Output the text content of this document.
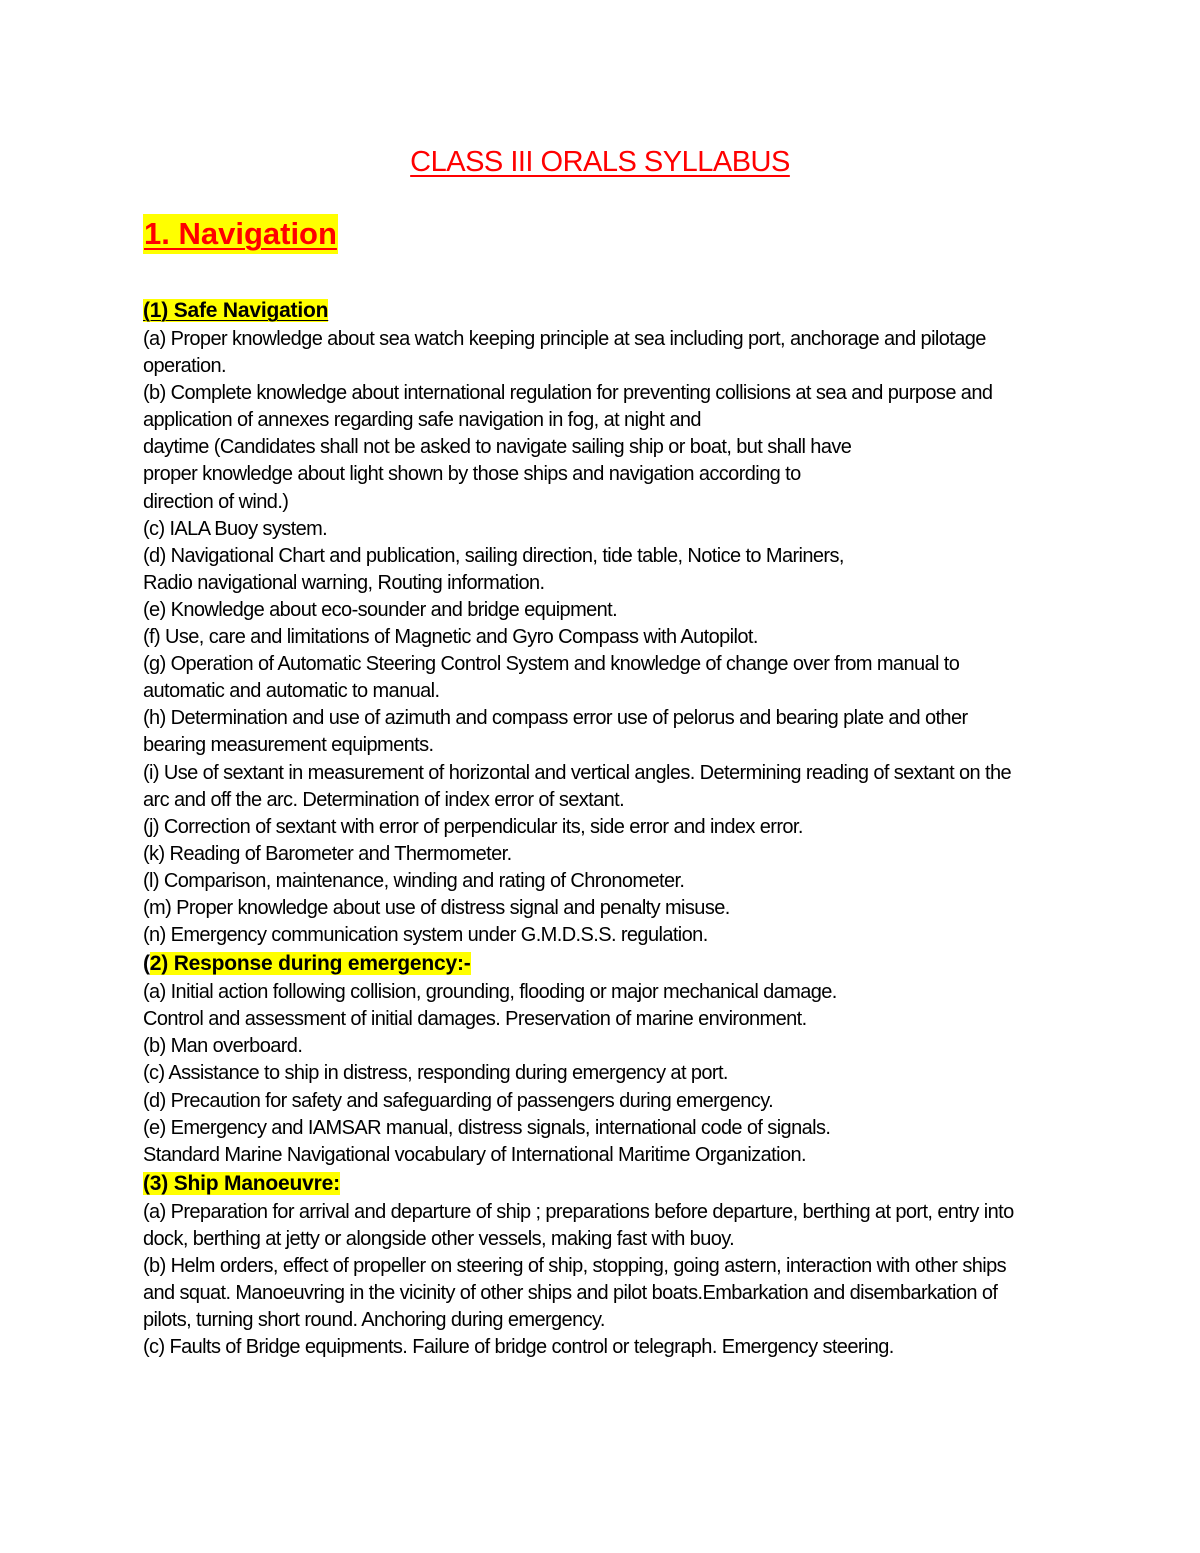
CLASS III ORALS SYLLABUS
1. Navigation
(1) Safe Navigation
(a) Proper knowledge about sea watch keeping principle at sea including port, anchorage and pilotage
operation.
(b) Complete knowledge about international regulation for preventing collisions at sea and purpose and
application of annexes regarding safe navigation in fog, at night and
daytime (Candidates shall not be asked to navigate sailing ship or boat, but shall have
proper knowledge about light shown by those ships and navigation according to
direction of wind.)
(c) IALA Buoy system.
(d) Navigational Chart and publication, sailing direction, tide table, Notice to Mariners,
Radio navigational warning, Routing information.
(e) Knowledge about eco-sounder and bridge equipment.
(f) Use, care and limitations of Magnetic and Gyro Compass with Autopilot.
(g) Operation of Automatic Steering Control System and knowledge of change over from manual to
automatic and automatic to manual.
(h) Determination and use of azimuth and compass error use of pelorus and bearing plate and other
bearing measurement equipments.
(i) Use of sextant in measurement of horizontal and vertical angles. Determining reading of sextant on the
arc and off the arc. Determination of index error of sextant.
(j) Correction of sextant with error of perpendicular its, side error and index error.
(k) Reading of Barometer and Thermometer.
(l) Comparison, maintenance, winding and rating of Chronometer.
(m) Proper knowledge about use of distress signal and penalty misuse.
(n) Emergency communication system under G.M.D.S.S. regulation.
(2) Response during emergency:-
(a) Initial action following collision, grounding, flooding or major mechanical damage.
Control and assessment of initial damages. Preservation of marine environment.
(b) Man overboard.
(c) Assistance to ship in distress, responding during emergency at port.
(d) Precaution for safety and safeguarding of passengers during emergency.
(e) Emergency and IAMSAR manual, distress signals, international code of signals.
Standard Marine Navigational vocabulary of International Maritime Organization.
(3) Ship Manoeuvre:
(a) Preparation for arrival and departure of ship ; preparations before departure, berthing at port, entry into
dock, berthing at jetty or alongside other vessels, making fast with buoy.
(b) Helm orders, effect of propeller on steering of ship, stopping, going astern, interaction with other ships
and squat. Manoeuvring in the vicinity of other ships and pilot boats.Embarkation and disembarkation of
pilots, turning short round. Anchoring during emergency.
(c) Faults of Bridge equipments. Failure of bridge control or telegraph. Emergency steering.
